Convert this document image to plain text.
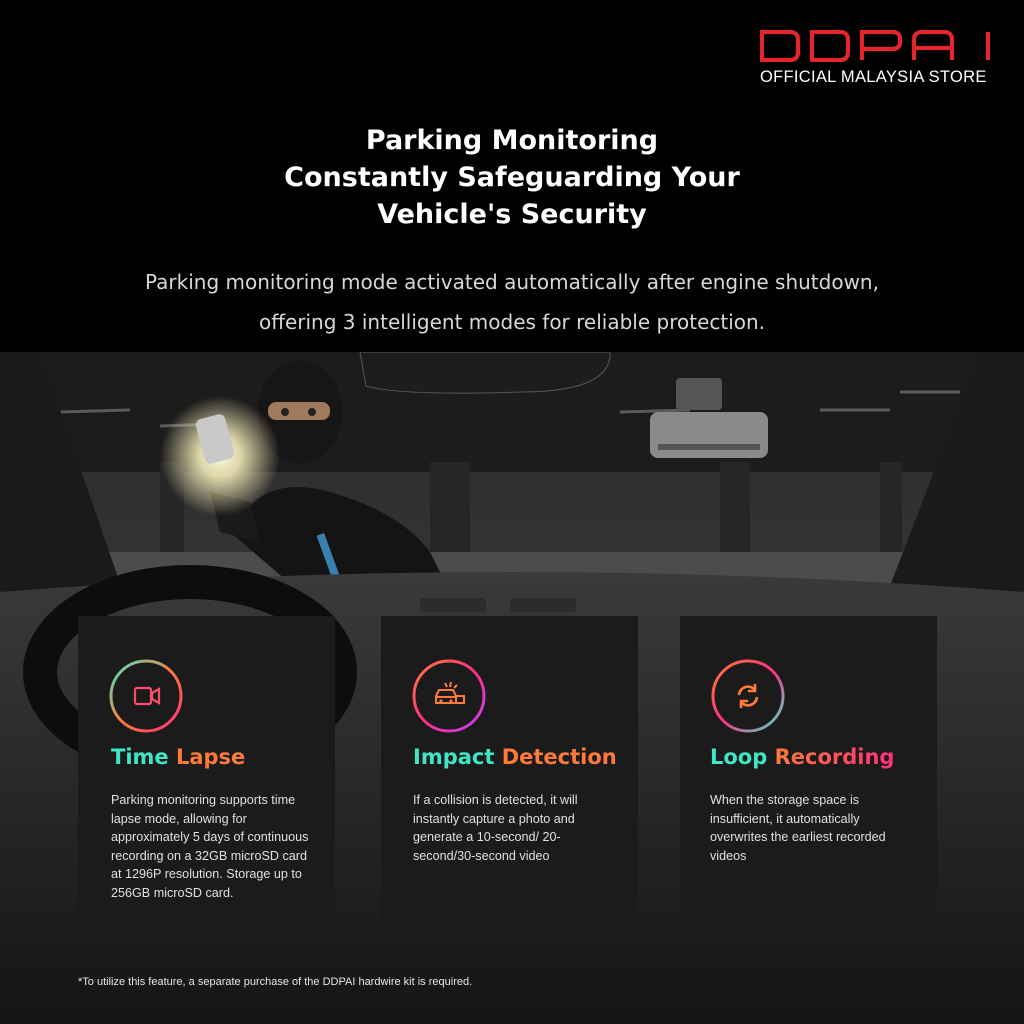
OFFICIAL MALAYSIA STORE
Parking Monitoring
Constantly Safeguarding Your
Vehicle's Security
Parking monitoring mode activated automatically after engine shutdown,
offering 3 intelligent modes for reliable protection.
Time Lapse
Parking monitoring supports time lapse mode, allowing for approximately 5 days of continuous recording on a 32GB microSD card at 1296P resolution. Storage up to 256GB microSD card.
Impact Detection
If a collision is detected, it will instantly capture a photo and generate a 10-second/ 20-second/30-second video
Loop Recording
When the storage space is insufficient, it automatically overwrites the earliest recorded videos
*To utilize this feature, a separate purchase of the DDPAI hardwire kit is required.
